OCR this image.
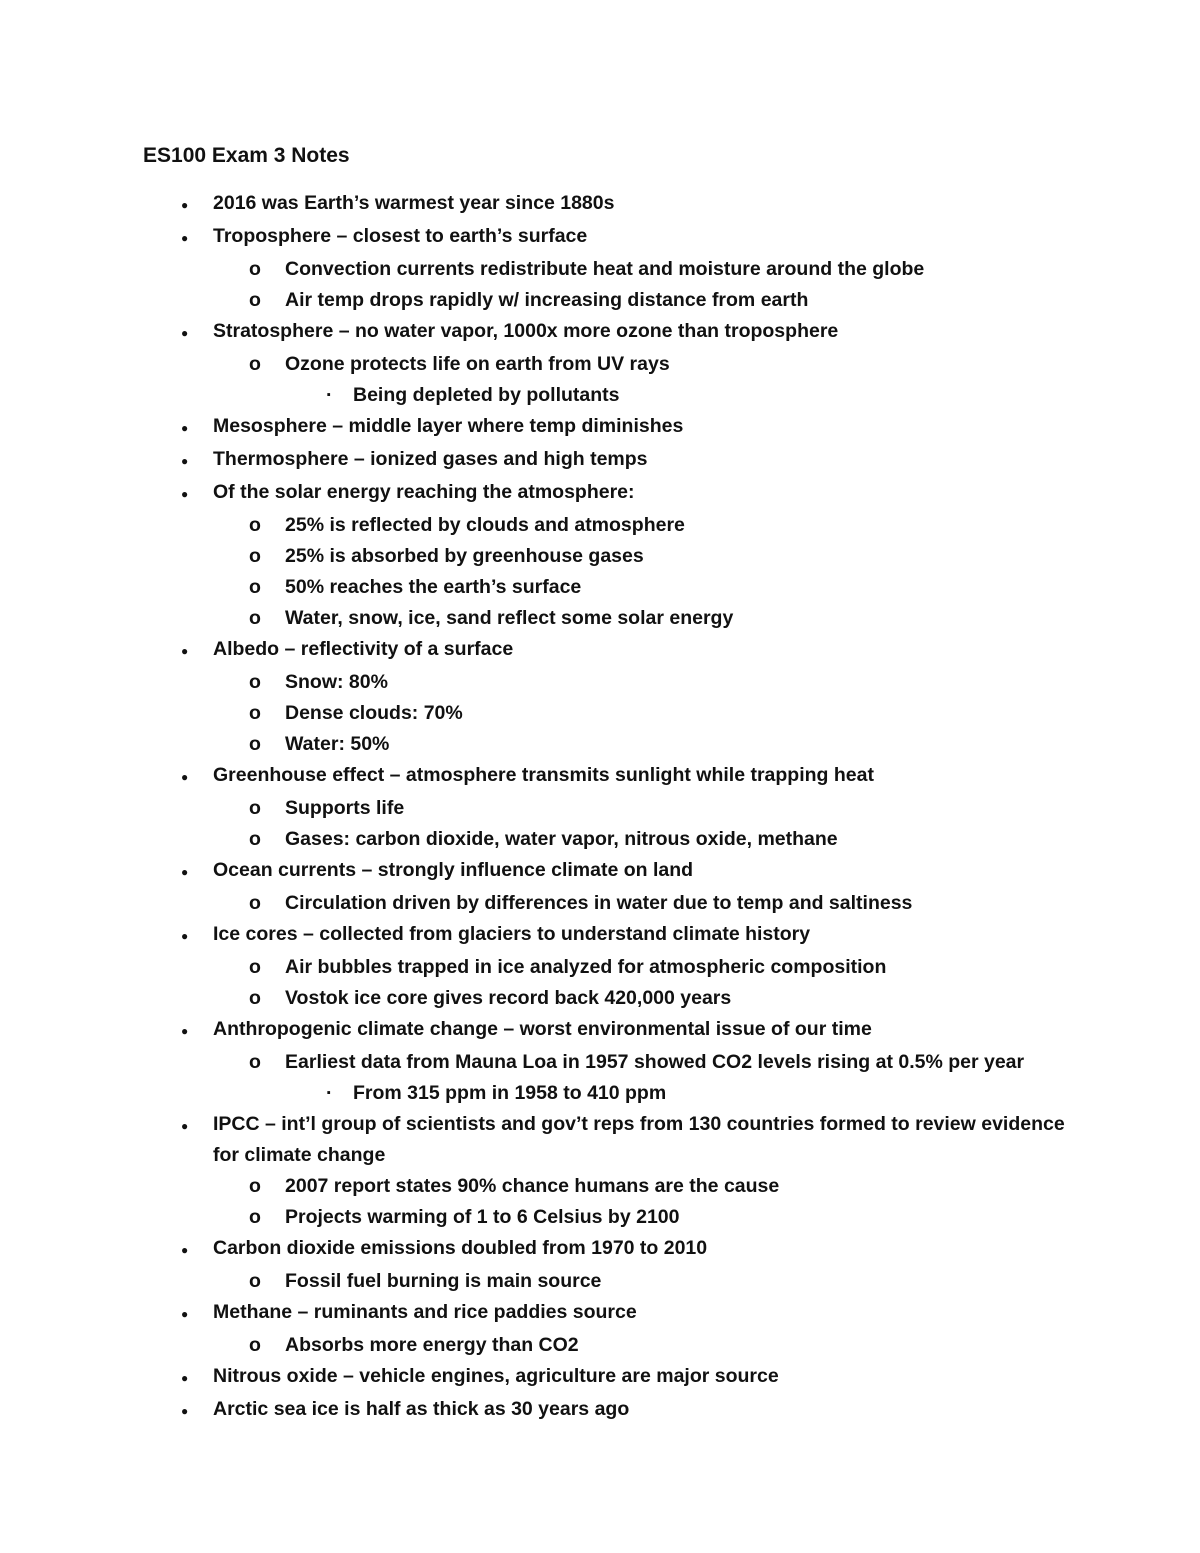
ES100 Exam 3 Notes
●	2016 was Earth’s warmest year since 1880s
●	Troposphere – closest to earth’s surface
o	Convection currents redistribute heat and moisture around the globe
o	Air temp drops rapidly w/ increasing distance from earth
●	Stratosphere – no water vapor, 1000x more ozone than troposphere
o	Ozone protects life on earth from UV rays
·	Being depleted by pollutants
●	Mesosphere – middle layer where temp diminishes
●	Thermosphere – ionized gases and high temps
●	Of the solar energy reaching the atmosphere:
o	25% is reflected by clouds and atmosphere
o	25% is absorbed by greenhouse gases
o	50% reaches the earth’s surface
o	Water, snow, ice, sand reflect some solar energy
●	Albedo – reflectivity of a surface
o	Snow: 80%
o	Dense clouds: 70%
o	Water: 50%
●	Greenhouse effect – atmosphere transmits sunlight while trapping heat
o	Supports life
o	Gases: carbon dioxide, water vapor, nitrous oxide, methane
●	Ocean currents – strongly influence climate on land
o	Circulation driven by differences in water due to temp and saltiness
●	Ice cores – collected from glaciers to understand climate history
o	Air bubbles trapped in ice analyzed for atmospheric composition
o	Vostok ice core gives record back 420,000 years
●	Anthropogenic climate change – worst environmental issue of our time
o	Earliest data from Mauna Loa in 1957 showed CO2 levels rising at 0.5% per year
·	From 315 ppm in 1958 to 410 ppm
●	IPCC – int’l group of scientists and gov’t reps from 130 countries formed to review evidence for climate change
o	2007 report states 90% chance humans are the cause
o	Projects warming of 1 to 6 Celsius by 2100
●	Carbon dioxide emissions doubled from 1970 to 2010
o	Fossil fuel burning is main source
●	Methane – ruminants and rice paddies source
o	Absorbs more energy than CO2
●	Nitrous oxide – vehicle engines, agriculture are major source
●	Arctic sea ice is half as thick as 30 years ago
